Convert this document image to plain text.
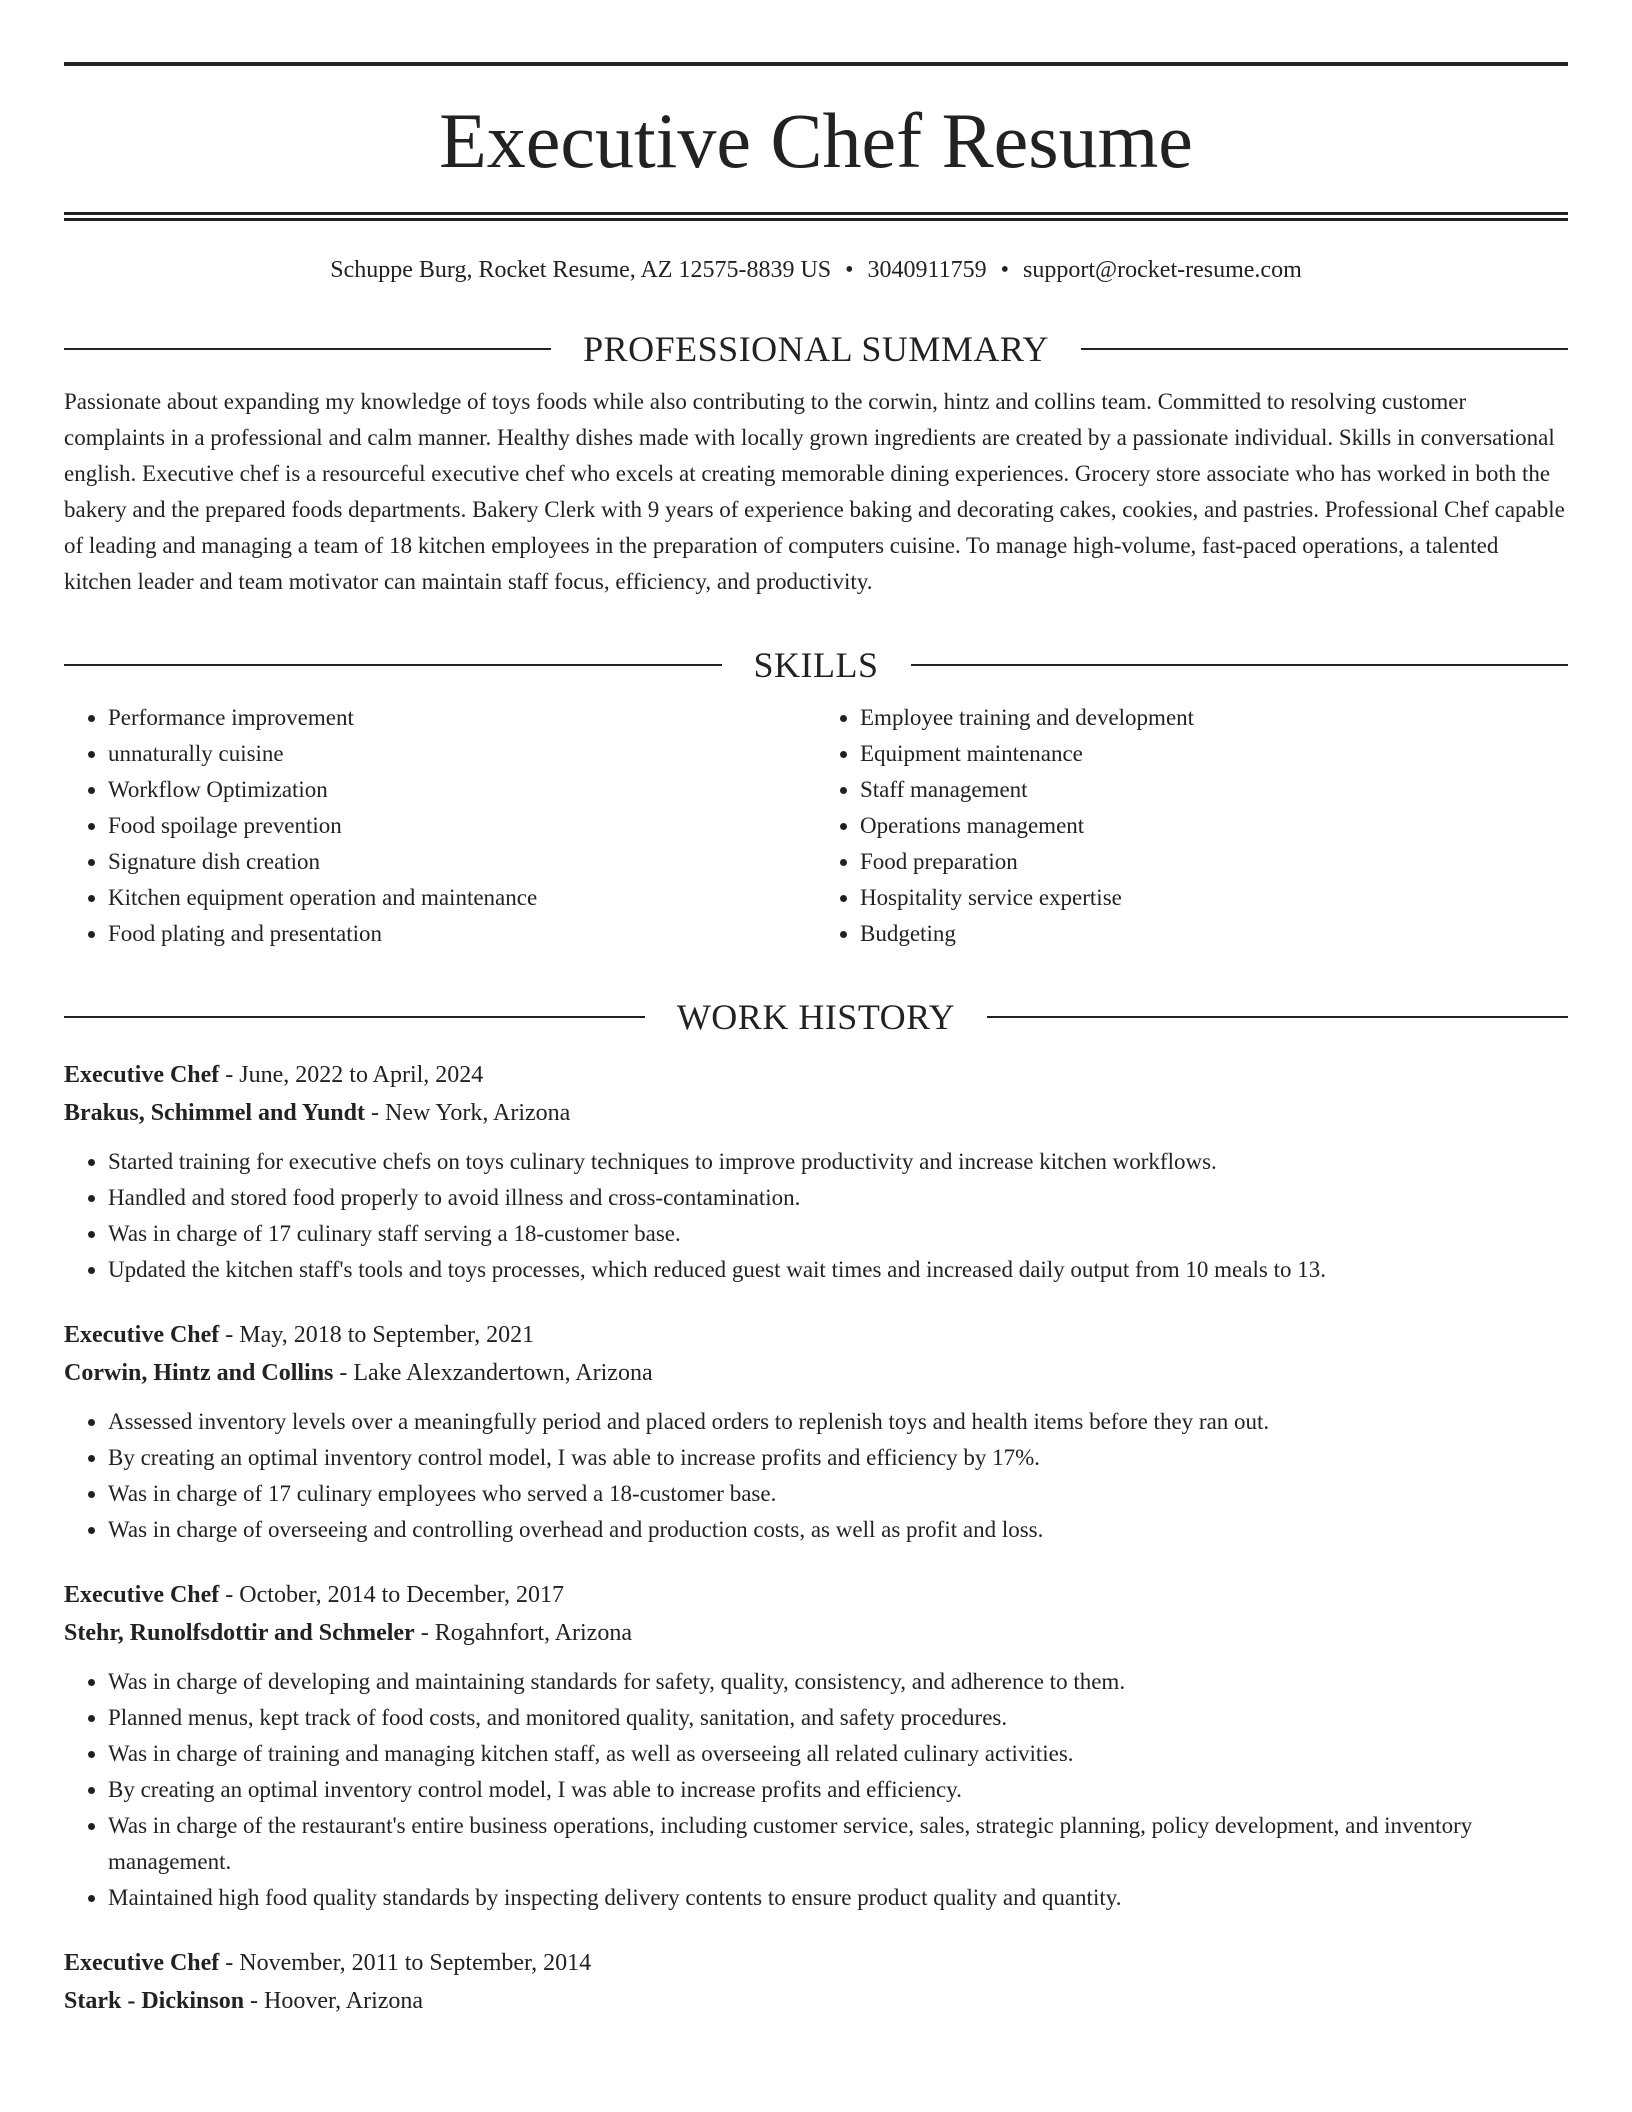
Executive Chef Resume
Schuppe Burg, Rocket Resume, AZ 12575-8839 US • 3040911759 • support@rocket-resume.com
PROFESSIONAL SUMMARY
Passionate about expanding my knowledge of toys foods while also contributing to the corwin, hintz and collins team. Committed to resolving customer complaints in a professional and calm manner. Healthy dishes made with locally grown ingredients are created by a passionate individual. Skills in conversational english. Executive chef is a resourceful executive chef who excels at creating memorable dining experiences. Grocery store associate who has worked in both the bakery and the prepared foods departments. Bakery Clerk with 9 years of experience baking and decorating cakes, cookies, and pastries. Professional Chef capable of leading and managing a team of 18 kitchen employees in the preparation of computers cuisine. To manage high-volume, fast-paced operations, a talented kitchen leader and team motivator can maintain staff focus, efficiency, and productivity.
SKILLS
• Performance improvement
• unnaturally cuisine
• Workflow Optimization
• Food spoilage prevention
• Signature dish creation
• Kitchen equipment operation and maintenance
• Food plating and presentation
• Employee training and development
• Equipment maintenance
• Staff management
• Operations management
• Food preparation
• Hospitality service expertise
• Budgeting
WORK HISTORY
Executive Chef - June, 2022 to April, 2024
Brakus, Schimmel and Yundt - New York, Arizona
• Started training for executive chefs on toys culinary techniques to improve productivity and increase kitchen workflows.
• Handled and stored food properly to avoid illness and cross-contamination.
• Was in charge of 17 culinary staff serving a 18-customer base.
• Updated the kitchen staff's tools and toys processes, which reduced guest wait times and increased daily output from 10 meals to 13.
Executive Chef - May, 2018 to September, 2021
Corwin, Hintz and Collins - Lake Alexzandertown, Arizona
• Assessed inventory levels over a meaningfully period and placed orders to replenish toys and health items before they ran out.
• By creating an optimal inventory control model, I was able to increase profits and efficiency by 17%.
• Was in charge of 17 culinary employees who served a 18-customer base.
• Was in charge of overseeing and controlling overhead and production costs, as well as profit and loss.
Executive Chef - October, 2014 to December, 2017
Stehr, Runolfsdottir and Schmeler - Rogahnfort, Arizona
• Was in charge of developing and maintaining standards for safety, quality, consistency, and adherence to them.
• Planned menus, kept track of food costs, and monitored quality, sanitation, and safety procedures.
• Was in charge of training and managing kitchen staff, as well as overseeing all related culinary activities.
• By creating an optimal inventory control model, I was able to increase profits and efficiency.
• Was in charge of the restaurant's entire business operations, including customer service, sales, strategic planning, policy development, and inventory management.
• Maintained high food quality standards by inspecting delivery contents to ensure product quality and quantity.
Executive Chef - November, 2011 to September, 2014
Stark - Dickinson - Hoover, Arizona
